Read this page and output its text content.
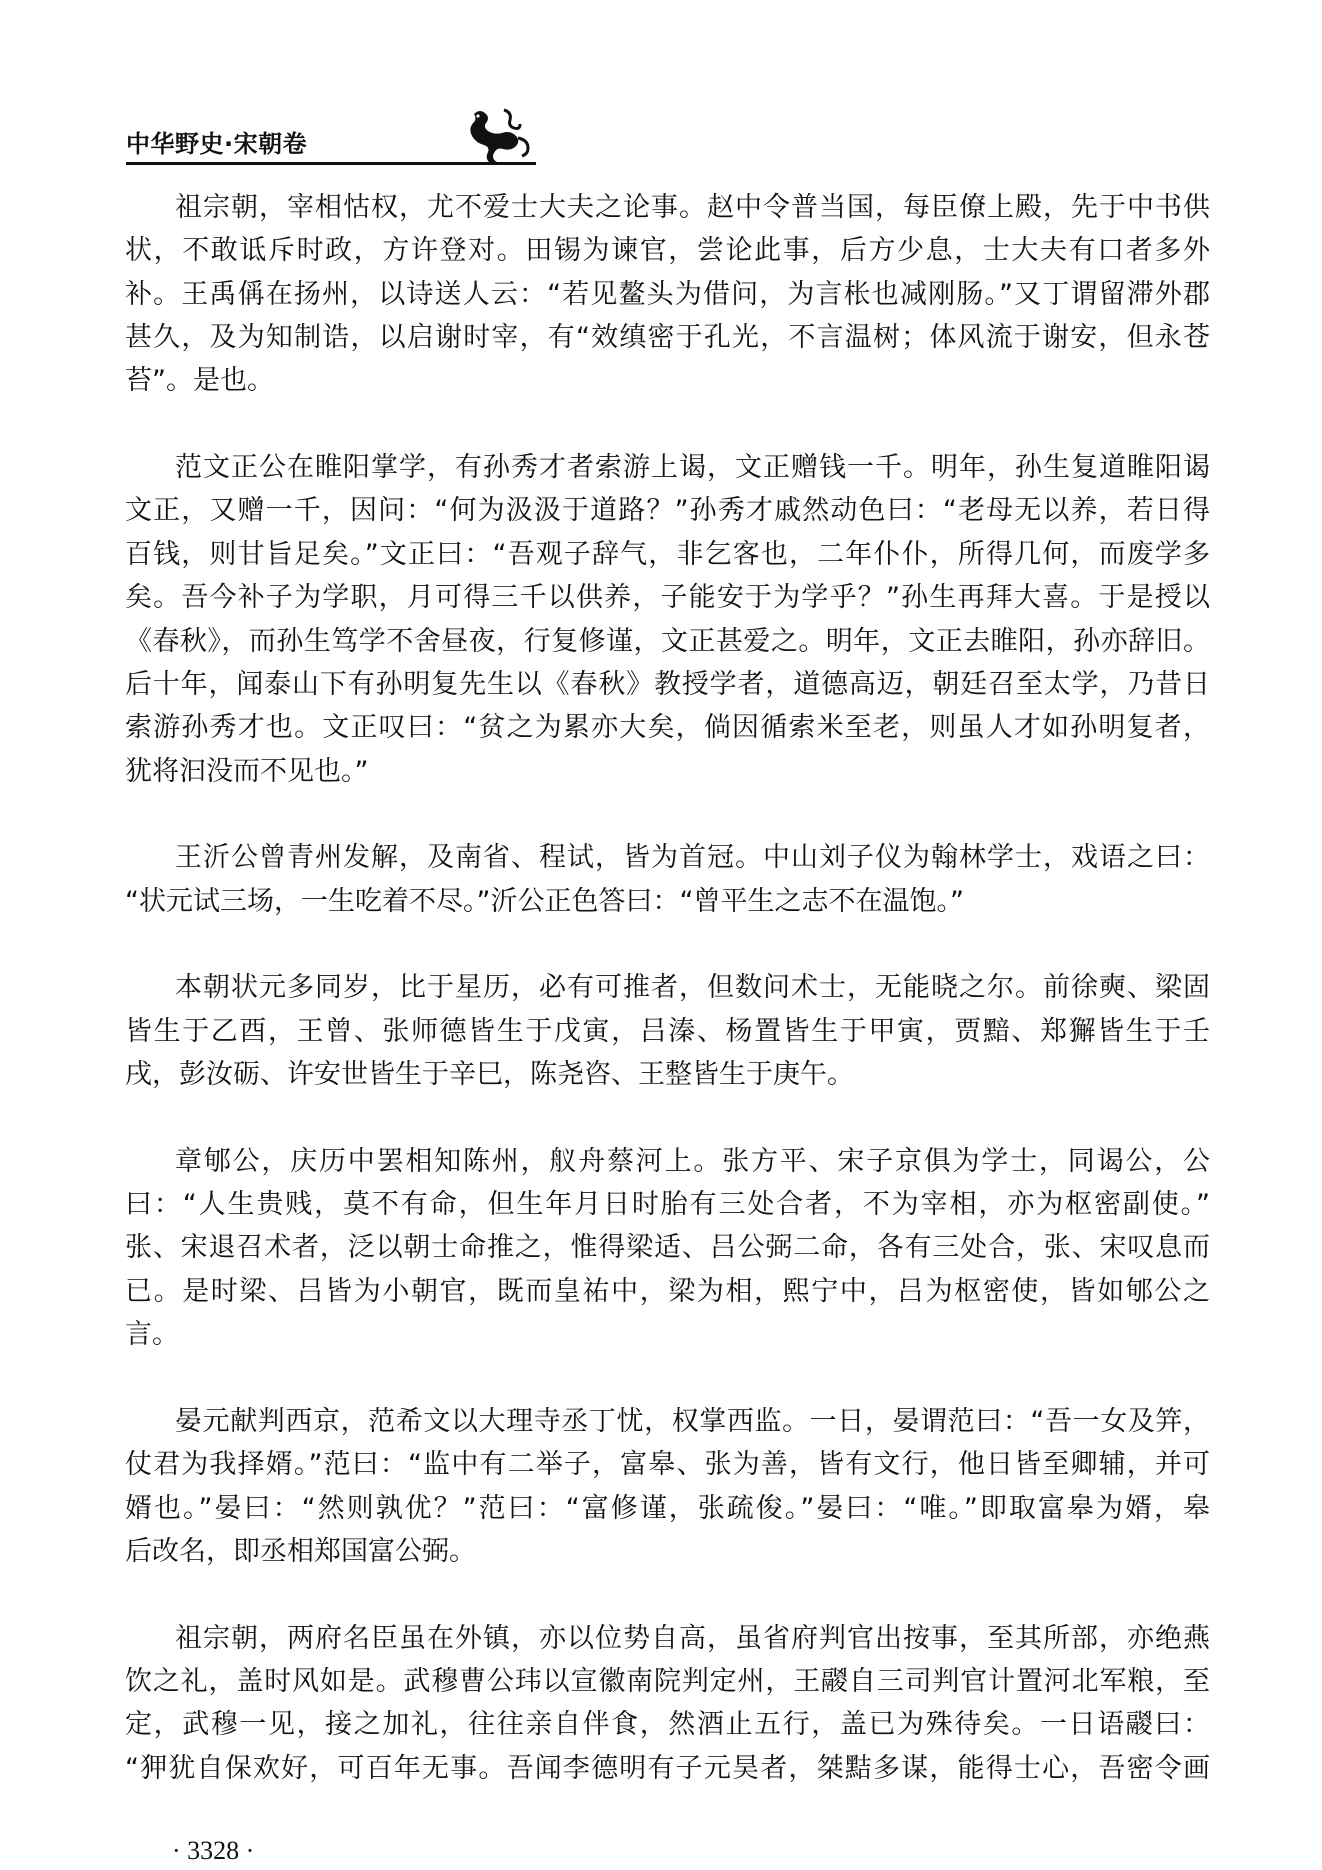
中华野史·宋朝卷
祖宗朝，宰相怙权，尤不爱士大夫之论事。赵中令普当国，每臣僚上殿，先于中书供
状，不敢诋斥时政，方许登对。田锡为谏官，尝论此事，后方少息，士大夫有口者多外
补。王禹偁在扬州，以诗送人云：“若见鳌头为借问，为言枨也减刚肠。”又丁谓留滞外郡
甚久，及为知制诰，以启谢时宰，有“效缜密于孔光，不言温树；体风流于谢安，但永苍
苔”。是也。
范文正公在睢阳掌学，有孙秀才者索游上谒，文正赠钱一千。明年，孙生复道睢阳谒
文正，又赠一千，因问：“何为汲汲于道路？”孙秀才戚然动色曰：“老母无以养，若日得
百钱，则甘旨足矣。”文正曰：“吾观子辞气，非乞客也，二年仆仆，所得几何，而废学多
矣。吾今补子为学职，月可得三千以供养，子能安于为学乎？”孙生再拜大喜。于是授以
《春秋》，而孙生笃学不舍昼夜，行复修谨，文正甚爱之。明年，文正去睢阳，孙亦辞旧。
后十年，闻泰山下有孙明复先生以《春秋》教授学者，道德高迈，朝廷召至太学，乃昔日
索游孙秀才也。文正叹曰：“贫之为累亦大矣，倘因循索米至老，则虽人才如孙明复者，
犹将汩没而不见也。”
王沂公曾青州发解，及南省、程试，皆为首冠。中山刘子仪为翰林学士，戏语之曰：
“状元试三场，一生吃着不尽。”沂公正色答曰：“曾平生之志不在温饱。”
本朝状元多同岁，比于星历，必有可推者，但数问术士，无能晓之尔。前徐奭、梁固
皆生于乙酉，王曾、张师德皆生于戊寅，吕溱、杨置皆生于甲寅，贾黯、郑獬皆生于壬
戌，彭汝砺、许安世皆生于辛巳，陈尧咨、王整皆生于庚午。
章郇公，庆历中罢相知陈州，舣舟蔡河上。张方平、宋子京俱为学士，同谒公，公
曰：“人生贵贱，莫不有命，但生年月日时胎有三处合者，不为宰相，亦为枢密副使。”
张、宋退召术者，泛以朝士命推之，惟得梁适、吕公弼二命，各有三处合，张、宋叹息而
已。是时梁、吕皆为小朝官，既而皇祐中，梁为相，熙宁中，吕为枢密使，皆如郇公之
言。
晏元献判西京，范希文以大理寺丞丁忧，权掌西监。一日，晏谓范曰：“吾一女及笄，
仗君为我择婿。”范曰：“监中有二举子，富皋、张为善，皆有文行，他日皆至卿辅，并可
婿也。”晏曰：“然则孰优？”范曰：“富修谨，张疏俊。”晏曰：“唯。”即取富皋为婿，皋
后改名，即丞相郑国富公弼。
祖宗朝，两府名臣虽在外镇，亦以位势自高，虽省府判官出按事，至其所部，亦绝燕
饮之礼，盖时风如是。武穆曹公玮以宣徽南院判定州，王鬷自三司判官计置河北军粮，至
定，武穆一见，接之加礼，往往亲自伴食，然酒止五行，盖已为殊待矣。一日语鬷曰：
“狎犹自保欢好，可百年无事。吾闻李德明有子元昊者，桀黠多谋，能得士心，吾密令画
· 3328 ·
